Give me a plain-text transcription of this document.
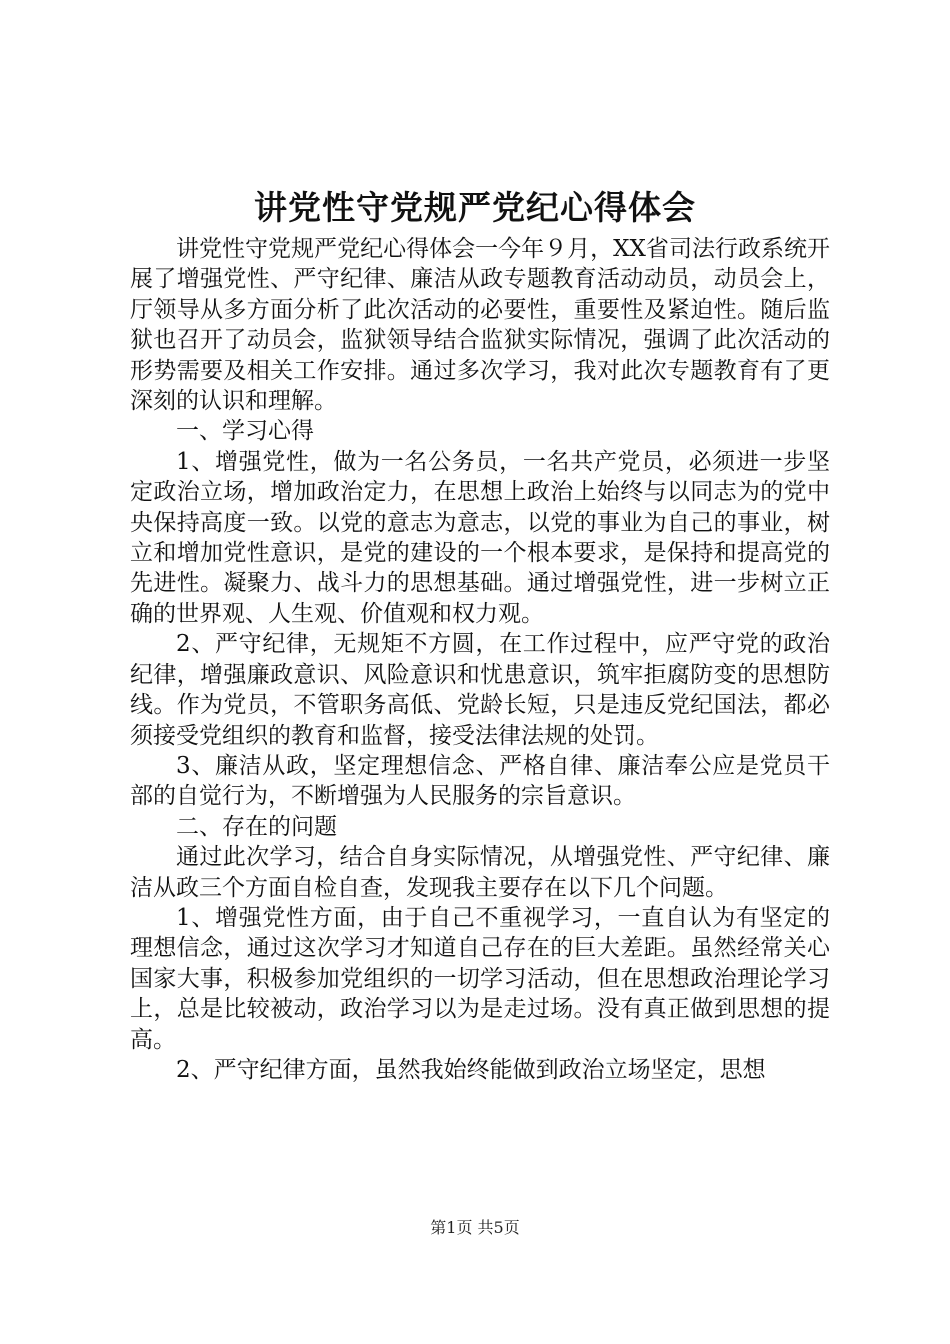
讲党性守党规严党纪心得体会

讲党性守党规严党纪心得体会一今年９月，XX省司法行政系统开展了增强党性、严守纪律、廉洁从政专题教育活动动员，动员会上，厅领导从多方面分析了此次活动的必要性，重要性及紧迫性。随后监狱也召开了动员会，监狱领导结合监狱实际情况，强调了此次活动的形势需要及相关工作安排。通过多次学习，我对此次专题教育有了更深刻的认识和理解。

一、学习心得

1、增强党性，做为一名公务员，一名共产党员，必须进一步坚定政治立场，增加政治定力，在思想上政治上始终与以同志为的党中央保持高度一致。以党的意志为意志，以党的事业为自己的事业，树立和增加党性意识，是党的建设的一个根本要求，是保持和提高党的先进性。凝聚力、战斗力的思想基础。通过增强党性，进一步树立正确的世界观、人生观、价值观和权力观。

2、严守纪律，无规矩不方圆，在工作过程中，应严守党的政治纪律，增强廉政意识、风险意识和忧患意识，筑牢拒腐防变的思想防线。作为党员，不管职务高低、党龄长短，只是违反党纪国法，都必须接受党组织的教育和监督，接受法律法规的处罚。

3、廉洁从政，坚定理想信念、严格自律、廉洁奉公应是党员干部的自觉行为，不断增强为人民服务的宗旨意识。

二、存在的问题

通过此次学习，结合自身实际情况，从增强党性、严守纪律、廉洁从政三个方面自检自查，发现我主要存在以下几个问题。

1、增强党性方面，由于自己不重视学习，一直自认为有坚定的理想信念，通过这次学习才知道自己存在的巨大差距。虽然经常关心国家大事，积极参加党组织的一切学习活动，但在思想政治理论学习上，总是比较被动，政治学习以为是走过场。没有真正做到思想的提高。

2、严守纪律方面，虽然我始终能做到政治立场坚定，思想

第1页 共5页
